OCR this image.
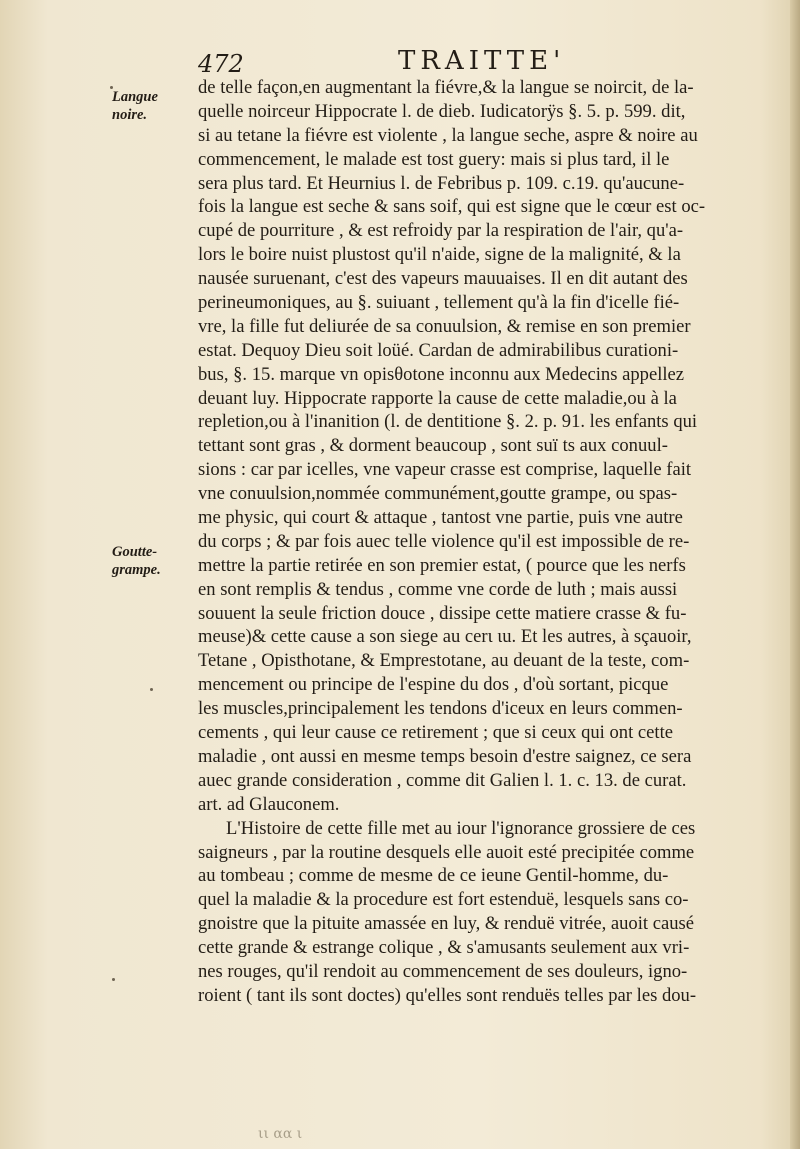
472	TRAITTE'
Langue
noire.
Goutte-
grampe.
de telle façon,en augmentant la fiévre,& la langue se noircit, de la-
quelle noirceur Hippocrate l. de dieb. Iudicatorÿs §. 5. p. 599. dit,
si au tetane la fiévre est violente , la langue seche, aspre & noire au
commencement, le malade est tost guery: mais si plus tard, il le
sera plus tard. Et Heurnius l. de Febribus p. 109. c.19. qu'aucune-
fois la langue est seche & sans soif, qui est signe que le cœur est oc-
cupé de pourriture , & est refroidy par la respiration de l'air, qu'a-
lors le boire nuist plustost qu'il n'aide, signe de la malignité, & la
nausée suruenant, c'est des vapeurs mauuaises. Il en dit autant des
perineumoniques, au §. suiuant , tellement qu'à la fin d'icelle fié-
vre, la fille fut deliurée de sa conuulsion, & remise en son premier
estat. Dequoy Dieu soit loüé. Cardan de admirabilibus curationi-
bus, §. 15. marque vn opisθotone inconnu aux Medecins appellez
deuant luy. Hippocrate rapporte la cause de cette maladie,ou à la
repletion,ou à l'inanition (l. de dentitione §. 2. p. 91. les enfants qui
tettant sont gras , & dorment beaucoup , sont suï ts aux conuul-
sions : car par icelles, vne vapeur crasse est comprise, laquelle fait
vne conuulsion,nommée communément,goutte grampe, ou spas-
me physic, qui court & attaque , tantost vne partie, puis vne autre
du corps ; & par fois auec telle violence qu'il est impossible de re-
mettre la partie retirée en son premier estat, ( pource que les nerfs
en sont remplis & tendus , comme vne corde de luth ; mais aussi
souuent la seule friction douce , dissipe cette matiere crasse & fu-
meuse)& cette cause a son siege au cerι ιu. Et les autres, à sçauoir,
Tetane , Opisthotane, & Emprestotane, au deuant de la teste, com-
mencement ou principe de l'espine du dos , d'où sortant, picque
les muscles,principalement les tendons d'iceux en leurs commen-
cements , qui leur cause ce retirement ; que si ceux qui ont cette
maladie , ont aussi en mesme temps besoin d'estre saignez, ce sera
auec grande consideration , comme dit Galien l. 1. c. 13. de curat.
art. ad Glauconem.
L'Histoire de cette fille met au iour l'ignorance grossiere de ces
saigneurs , par la routine desquels elle auoit esté precipitée comme
au tombeau ; comme de mesme de ce ieune Gentil-homme, du-
quel la maladie & la procedure est fort estenduë, lesquels sans co-
gnoistre que la pituite amassée en luy, & renduë vitrée, auoit causé
cette grande & estrange colique , & s'amusants seulement aux vri-
nes rouges, qu'il rendoit au commencement de ses douleurs, igno-
roient ( tant ils sont doctes) qu'elles sont renduës telles par les dou-
ιι αα ι
